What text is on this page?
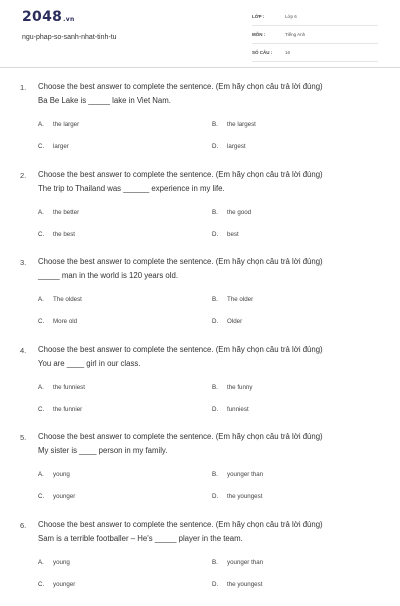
2048.vn
ngu-phap-so-sanh-nhat-tinh-tu
LỚP :	Lớp 6
MÔN :	Tiếng Anh
SỐ CÂU :	16
1. Choose the best answer to complete the sentence. (Em hãy chọn câu trả lời đúng)
Ba Be Lake is _____ lake in Viet Nam.
A. the larger	B. the largest
C. larger	D. largest
2. Choose the best answer to complete the sentence. (Em hãy chọn câu trả lời đúng)
The trip to Thailand was ______ experience in my life.
A. the better	B. the good
C. the best	D. best
3. Choose the best answer to complete the sentence. (Em hãy chọn câu trả lời đúng)
_____ man in the world is 120 years old.
A. The oldest	B. The older
C. More old	D. Older
4. Choose the best answer to complete the sentence. (Em hãy chọn câu trả lời đúng)
You are ____ girl in our class.
A. the funniest	B. the funny
C. the funnier	D. funniest
5. Choose the best answer to complete the sentence. (Em hãy chọn câu trả lời đúng)
My sister is ____ person in my family.
A. young	B. younger than
C. younger	D. the youngest
6. Choose the best answer to complete the sentence. (Em hãy chọn câu trả lời đúng)
Sam is a terrible footballer – He's _____ player in the team.
A. young	B. younger than
C. younger	D. the youngest
